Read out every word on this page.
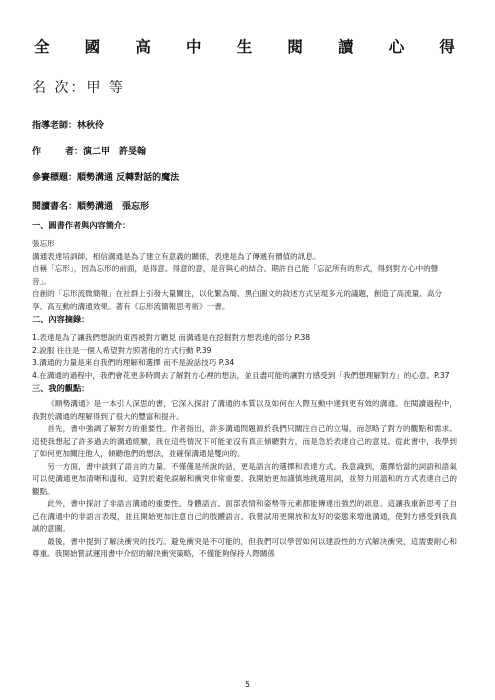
全 國 高 中 生 閱 讀 心 得
名 次：甲 等
指導老師：林秋伶
作	者：演二甲　許旻翰
參賽標題：順勢溝通 反轉對話的魔法
閱讀書名：順勢溝通　張忘形
一、圓書作者與內容簡介：
張忘形

溝通表達培訓師，相信溝通是為了建立有意義的關係，表達是為了傳遞有價值的訊息。

自稱「忘形」，因為忘形的前面，是得意。得意的意，是音與心的結合。期許自己能「忘記所有的形式，得到對方心中的聲音」。

自創的「忘形流微簡報」在社群上引發大量關注，以化繁為簡、黑白圖文的敘述方式呈現多元的議題，創造了高流量、高分享、高互動的溝通效果。著有《忘形流簡報思考術》一書。

二、內容摘錄：
1.表達是為了讓我們想說的東西被對方聽見 而溝通是在挖掘對方想表達的部分 P.38
2.說服 往往是一個人希望對方照著他的方式行動 P.39
3.溝通的力量是來自我們的理解和選擇 而不是說話技巧 P.34
4.在溝通的過程中，我們會花更多時間去了解對方心裡的想法，並且盡可能的讓對方感受到「我們想理解對方」的心意。P.37
三、我的觀點：

《順勢溝通》是一本引人深思的書，它深入探討了溝通的本質以及如何在人際互動中達到更有效的溝通。在閱讀過程中，我對於溝通的理解得到了很大的豐富和提升。

首先，書中強調了解對方的重要性。作者指出，許多溝通問題源於我們只關注自己的立場，而忽略了對方的觀點和需求。這使我想起了許多過去的溝通經驗，我在這些情況下可能並沒有真正傾聽對方，而是急於表達自己的意見。從此書中，我學到了如何更加關注他人，傾聽他們的想法，並確保溝通是雙向的。

另一方面，書中談到了語言的力量。不僅僅是所說的話，更是語言的選擇和表達方式。我意識到，選擇恰當的詞語和語氣可以使溝通更加清晰和溫和。這對於避免誤解和衝突非常重要。我開始更加謹慎地挑選用詞，並努力用溫和的方式表達自己的觀點。

此外，書中探討了非語言溝通的重要性。身體語言、面部表情和姿勢等元素都能傳達出強烈的訊息。這讓我重新思考了自己在溝通中的非語言表現，並且開始更加注意自己的肢體語言。我嘗試用更開放和友好的姿態來增進溝通，使對方感受到我真誠的意圖。

最後，書中提到了解決衝突的技巧。避免衝突是不可能的，但我們可以學習如何以建設性的方式解決衝突，這需要耐心和尊重。我開始嘗試運用書中介紹的解決衝突策略，不僅能夠保持人際關係

5
